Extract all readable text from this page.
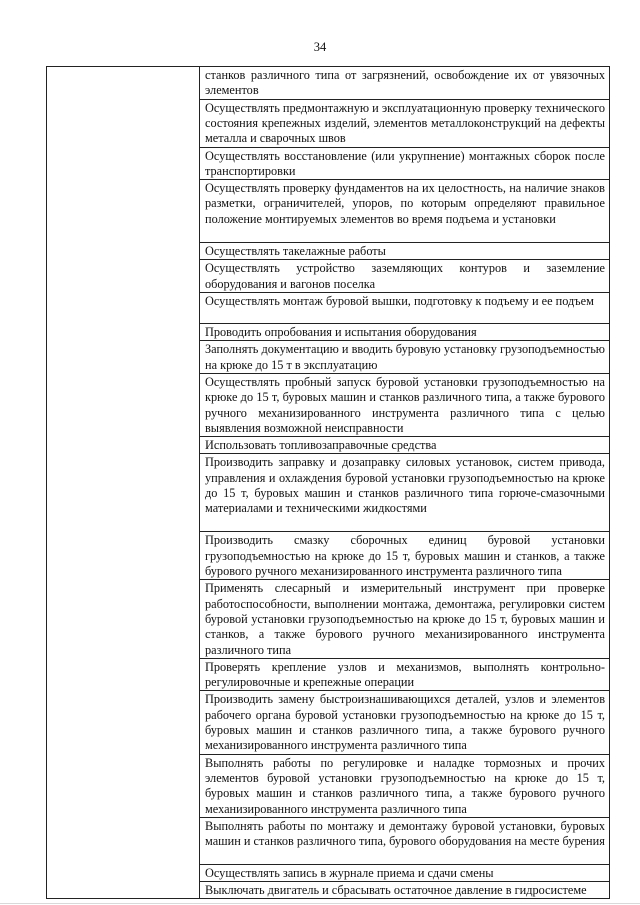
34
	станков различного типа от загрязнений, освобождение их от увязочных элементов
Осуществлять предмонтажную и эксплуатационную проверку технического состояния крепежных изделий, элементов металлоконструкций на дефекты металла и сварочных швов
Осуществлять восстановление (или укрупнение) монтажных сборок после транспортировки
Осуществлять проверку фундаментов на их целостность, на наличие знаков разметки, ограничителей, упоров, по которым определяют правильное положение монтируемых элементов во время подъема и установки
Осуществлять такелажные работы
Осуществлять устройство заземляющих контуров и заземление оборудования и вагонов поселка
Осуществлять монтаж буровой вышки, подготовку к подъему и ее подъем
Проводить опробования и испытания оборудования
Заполнять документацию и вводить буровую установку грузоподъемностью на крюке до 15 т в эксплуатацию
Осуществлять пробный запуск буровой установки грузоподъемностью на крюке до 15 т, буровых машин и станков различного типа, а также бурового ручного механизированного инструмента различного типа с целью выявления возможной неисправности
Использовать топливозаправочные средства
Производить заправку и дозаправку силовых установок, систем привода, управления и охлаждения буровой установки грузоподъемностью на крюке до 15 т, буровых машин и станков различного типа горюче-смазочными материалами и техническими жидкостями
Производить смазку сборочных единиц буровой установки грузоподъемностью на крюке до 15 т, буровых машин и станков, а также бурового ручного механизированного инструмента различного типа
Применять слесарный и измерительный инструмент при проверке работоспособности, выполнении монтажа, демонтажа, регулировки систем буровой установки грузоподъемностью на крюке до 15 т, буровых машин и станков, а также бурового ручного механизированного инструмента различного типа
Проверять крепление узлов и механизмов, выполнять контрольно-регулировочные и крепежные операции
Производить замену быстроизнашивающихся деталей, узлов и элементов рабочего органа буровой установки грузоподъемностью на крюке до 15 т, буровых машин и станков различного типа, а также бурового ручного механизированного инструмента различного типа
Выполнять работы по регулировке и наладке тормозных и прочих элементов буровой установки грузоподъемностью на крюке до 15 т, буровых машин и станков различного типа, а также бурового ручного механизированного инструмента различного типа
Выполнять работы по монтажу и демонтажу буровой установки, буровых машин и станков различного типа, бурового оборудования на месте бурения
Осуществлять запись в журнале приема и сдачи смены
Выключать двигатель и сбрасывать остаточное давление в гидросистеме
